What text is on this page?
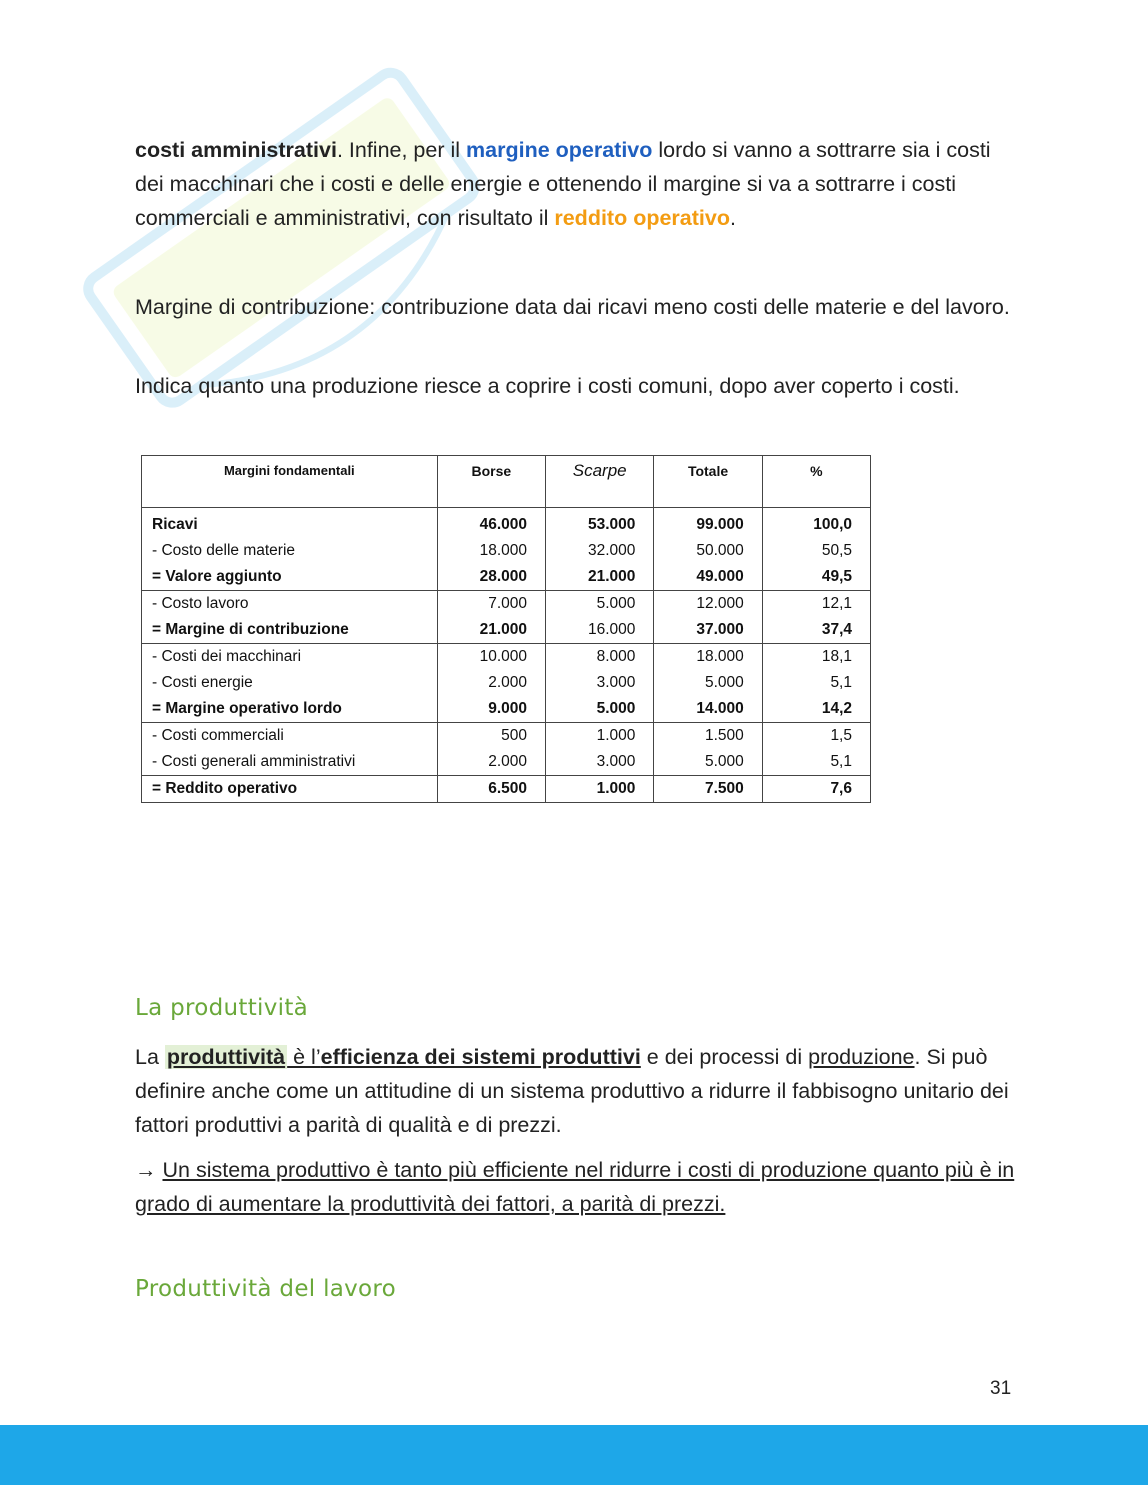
costi amministrativi. Infine, per il margine operativo lordo si vanno a sottrarre sia i costi dei macchinari che i costi e delle energie e ottenendo il margine si va a sottrarre i costi commerciali e amministrativi, con risultato il reddito operativo.

Margine di contribuzione: contribuzione data dai ricavi meno costi delle materie e del lavoro.

Indica quanto una produzione riesce a coprire i costi comuni, dopo aver coperto i costi.

Margini fondamentali	Borse	Scarpe	Totale	%
Ricavi	46.000	53.000	99.000	100,0
- Costo delle materie	18.000	32.000	50.000	50,5
= Valore aggiunto	28.000	21.000	49.000	49,5
- Costo lavoro	7.000	5.000	12.000	12,1
= Margine di contribuzione	21.000	16.000	37.000	37,4
- Costi dei macchinari	10.000	8.000	18.000	18,1
- Costi energie	2.000	3.000	5.000	5,1
= Margine operativo lordo	9.000	5.000	14.000	14,2
- Costi commerciali	500	1.000	1.500	1,5
- Costi generali amministrativi	2.000	3.000	5.000	5,1
= Reddito operativo	6.500	1.000	7.500	7,6
La produttività

La produttività è l’efficienza dei sistemi produttivi e dei processi di produzione. Si può definire anche come un attitudine di un sistema produttivo a ridurre il fabbisogno unitario dei fattori produttivi a parità di qualità e di prezzi.

→ Un sistema produttivo è tanto più efficiente nel ridurre i costi di produzione quanto più è in grado di aumentare la produttività dei fattori, a parità di prezzi.

Produttività del lavoro
31
